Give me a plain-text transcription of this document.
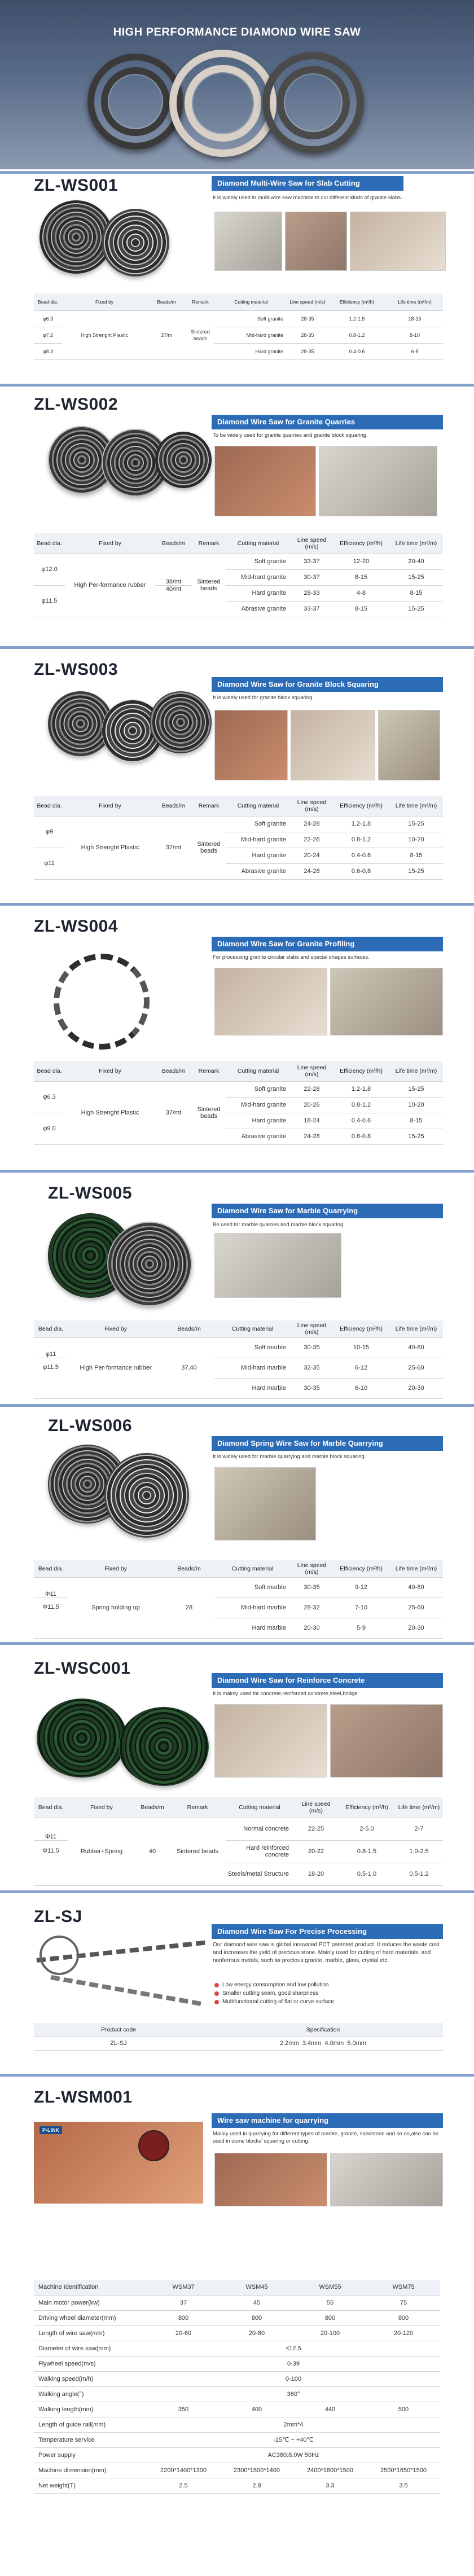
HIGH PERFORMANCE DIAMOND WIRE SAW
ZL-WS001	Diamond Multi-Wire Saw for Slab Cutting
It is widely used in multi-wire saw machine to cut different kinds of granite slabs.
Bead dia.	Fixed by	Beads/m	Remark	Cutting material	Line speed (m/s)	Efficiency (m²/h)	Life time (m²/m)
φ6.3	High Strenght Plastic	37/m	Sintered beads	Soft granite	28-35	1.2-1.5	18-15
φ7.2				Mid-hard granite	28-35	0.8-1.2	8-10
φ8.3				Hard granite	28-35	0.4-0.6	6-8
ZL-WS002
Diamond Wire Saw for Granite Quarries
To be widely used for granite quarries and granite block squaring.
Bead dia.	Fixed by	Beads/m	Remark	Cutting material	Line speed (m/s)	Efficiency (m²/h)	Life time (m²/m)
φ12.0	High Per-formance rubber	38/mt	Sintered beads	Soft granite	33-37	12-20	20-40
				Mid-hard granite	30-37	8-15	15-25
φ11.5		40/mt		Hard granite	28-33	4-8	8-15
				Abrasive granite	33-37	8-15	15-25
ZL-WS003
Diamond Wire Saw for Granite Block Squaring
It is widely used for granite block squaring.
Bead dia.	Fixed by	Beads/m	Remark	Cutting material	Line speed (m/s)	Efficiency (m²/h)	Life time (m²/m)
φ9	High Strenght Plastic	37/mt	Sintered beads	Soft granite	24-28	1.2-1.8	15-25
				Mid-hard granite	22-26	0.8-1.2	10-20
φ11				Hard granite	20-24	0.4-0.6	8-15
				Abrasive granite	24-28	0.6-0.8	15-25
ZL-WS004
Diamond Wire Saw for Granite Profiling
For processing granite circular slabs and special shapes surfaces.
Bead dia.	Fixed by	Beads/m	Remark	Cutting material	Line speed (m/s)	Efficiency (m²/h)	Life time (m²/m)
φ6.3	High Strenght Plastic	37/mt	Sintered beads	Soft granite	22-28	1.2-1.8	15-25
				Mid-hard granite	20-26	0.8-1.2	10-20
φ9.0				Hard granite	18-24	0.4-0.6	8-15
				Abrasive granite	24-28	0.6-0.8	15-25
ZL-WS005
Diamond Wire Saw for Marble Quarrying
Be used for marble quarries and marble block squaring.
Bead dia.	Fixed by	Beads/m	Cutting material	Line speed (m/s)	Efficiency (m²/h)	Life time (m²/m)
φ11	High Per-formance rubber	37,40	Soft marble	30-35	10-15	40-80
φ11.5			Mid-hard marble	32-35	6-12	25-60
			Hard marble	30-35	6-10	20-30
ZL-WS006
Diamond Spring Wire Saw for Marble Quarrying
It is widely used for marble quarrying and marble block squaring.
Bead dia.	Fixed by	Beads/m	Cutting material	Line speed (m/s)	Efficiency (m²/h)	Life time (m²/m)
Φ11	Spring holding up	28	Soft marble	30-35	9-12	40-80
Φ11.5			Mid-hard marble	28-32	7-10	25-60
			Hard marble	20-30	5-9	20-30
ZL-WSC001
Diamond Wire Saw for Reinforce Concrete
It is mainly used for concrete,reinforced concrete,steel,bridge
Bead dia.	Fixed by	Beads/m	Remark	Cutting material	Line speed (m/s)	Efficiency (m²/h)	Life time (m²/m)
Φ11	Rubber+Spring	40	Sintered beads	Normal concrete	22-25	2-5.0	2-7
Φ11.5				Hard reinforced concrete	20-22	0.8-1.5	1.0-2.5
				Steels/metal Structure	18-20	0.5-1.0	0.5-1.2
ZL-SJ
Diamond Wire Saw For Precise Processing
Our diamond wire saw is global innovated PCT patented product. It reduces the waste cost and increases the yield of precious stone. Mainly used for cutting of hard materials, and nonferrous metals, such as precious granite, marble, glass, crystal etc.
Low energy consumption and low pollution
Smaller cutting seam, good sharpness
Multifunctional cutting of flat or curve surface
Product code	Specification
ZL-SJ	2.2mm  3.4mm  4.0mm  5.0mm
ZL-WSM001
P-LINK
Wire saw machine for quarrying
Mainly used in quarrying for different types of marble, granite, sandstone and so on,also can be used in stone blocks' squaring or cutting.
Machine Identification	WSM37	WSM45	WSM55	WSM75
Main motor power(kw)	37	45	55	75
Driving wheel diameter(mm)	800	800	800	800
Length of wire saw(mm)	20-60	20-80	20-100	20-120
Diameter of wire saw(mm)	≤12.5			
Flywheel speed(m/s)	0-39			
Walking speed(m/h)	0-100			
Walking angle(°)	360°			
Walking length(mm)	350	400	440	500
Length of guide rail(mm)	2mm*4			
Temperature service	-15℃ ~ +40℃			
Power supply	AC380:8.0W 50Hz			
Machine dimension(mm)	2200*1400*1300	2300*1500*1400	2400*1600*1500	2500*1650*1500
Net weight(T)	2.5	2.8	3.3	3.5
